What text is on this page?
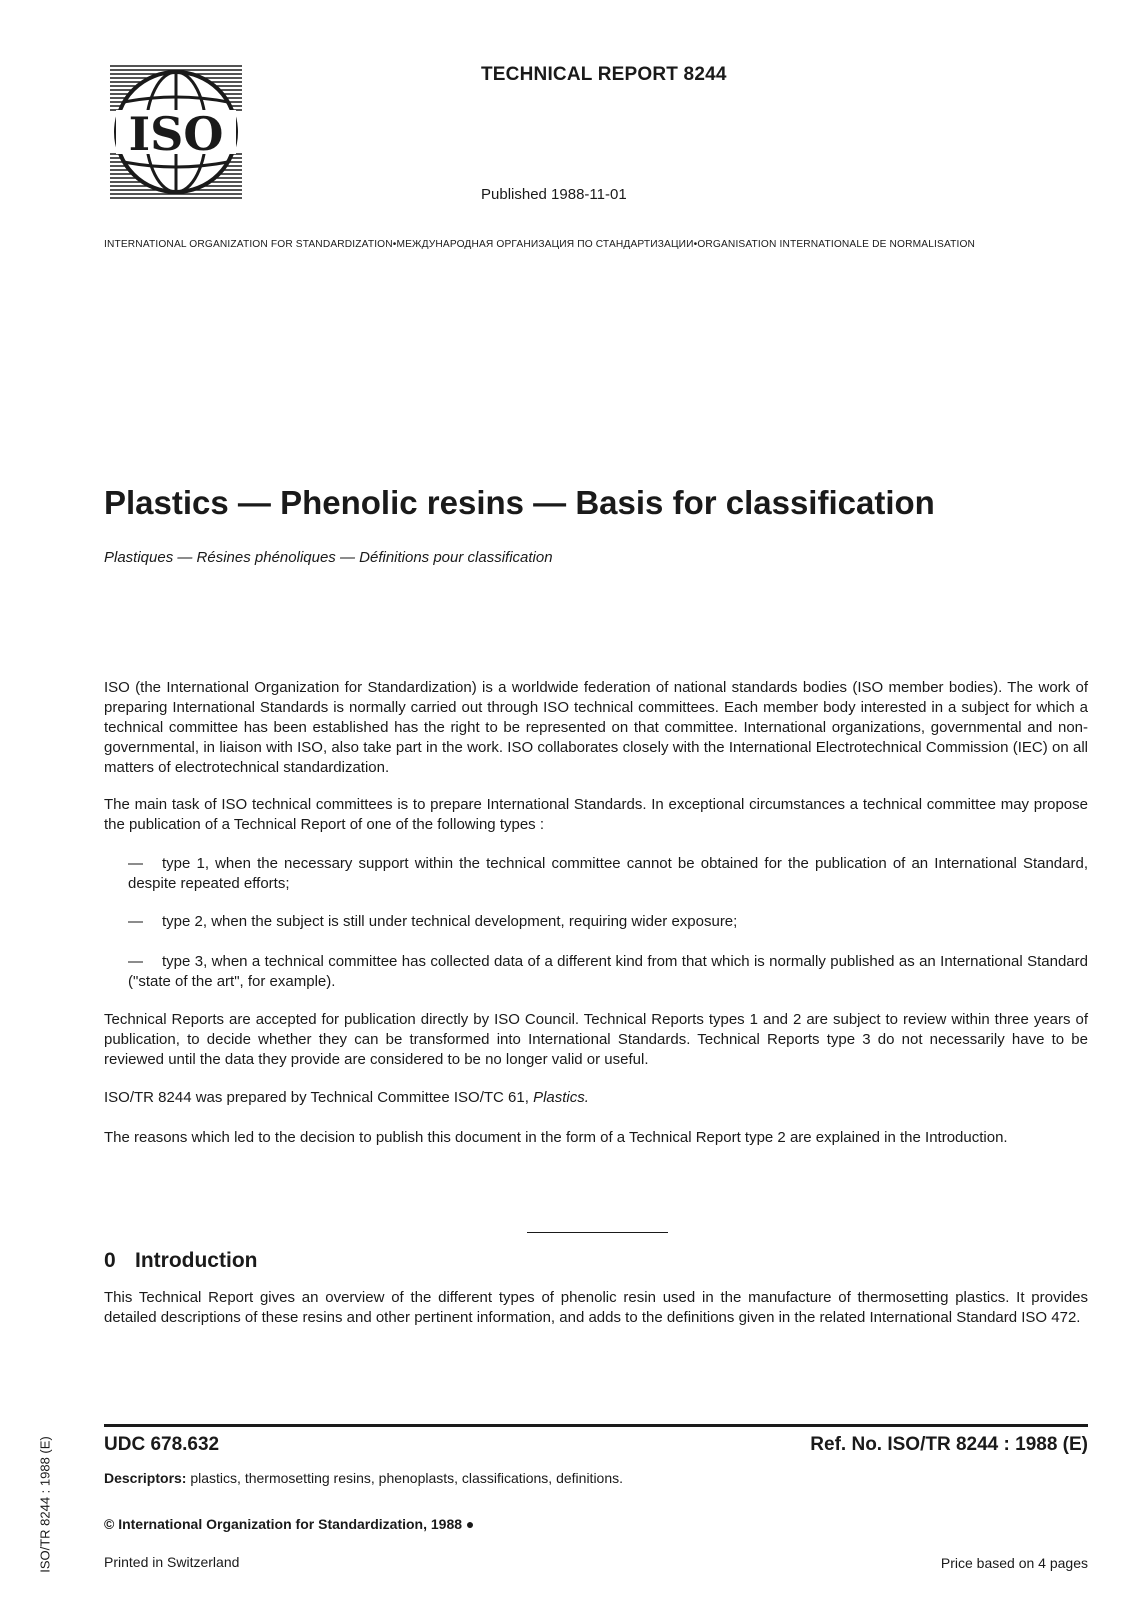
ISO
TECHNICAL REPORT 8244
Published 1988-11-01
INTERNATIONAL ORGANIZATION FOR STANDARDIZATION•МЕЖДУНАРОДНАЯ ОРГАНИЗАЦИЯ ПО СТАНДАРТИЗАЦИИ•ORGANISATION INTERNATIONALE DE NORMALISATION
Plastics — Phenolic resins — Basis for classification
Plastiques — Résines phénoliques — Définitions pour classification
ISO (the International Organization for Standardization) is a worldwide federation of national standards bodies (ISO member bodies). The work of preparing International Standards is normally carried out through ISO technical committees. Each member body interested in a subject for which a technical committee has been established has the right to be represented on that committee. International organizations, governmental and non-governmental, in liaison with ISO, also take part in the work. ISO collaborates closely with the International Electrotechnical Commission (IEC) on all matters of electrotechnical standardization.
The main task of ISO technical committees is to prepare International Standards. In exceptional circumstances a technical committee may propose the publication of a Technical Report of one of the following types :
—	type 1, when the necessary support within the technical committee cannot be obtained for the publication of an International Standard, despite repeated efforts;
—	type 2, when the subject is still under technical development, requiring wider exposure;
—	type 3, when a technical committee has collected data of a different kind from that which is normally published as an International Standard ("state of the art", for example).
Technical Reports are accepted for publication directly by ISO Council. Technical Reports types 1 and 2 are subject to review within three years of publication, to decide whether they can be transformed into International Standards. Technical Reports type 3 do not necessarily have to be reviewed until the data they provide are considered to be no longer valid or useful.
ISO/TR 8244 was prepared by Technical Committee ISO/TC 61, Plastics.
The reasons which led to the decision to publish this document in the form of a Technical Report type 2 are explained in the Introduction.
0 Introduction
This Technical Report gives an overview of the different types of phenolic resin used in the manufacture of thermosetting plastics. It provides detailed descriptions of these resins and other pertinent information, and adds to the definitions given in the related International Standard ISO 472.
ISO/TR 8244 : 1988 (E)	UDC 678.632	Ref. No. ISO/TR 8244 : 1988 (E)
Descriptors: plastics, thermosetting resins, phenoplasts, classifications, definitions.
© International Organization for Standardization, 1988 ●
Printed in Switzerland	Price based on 4 pages
